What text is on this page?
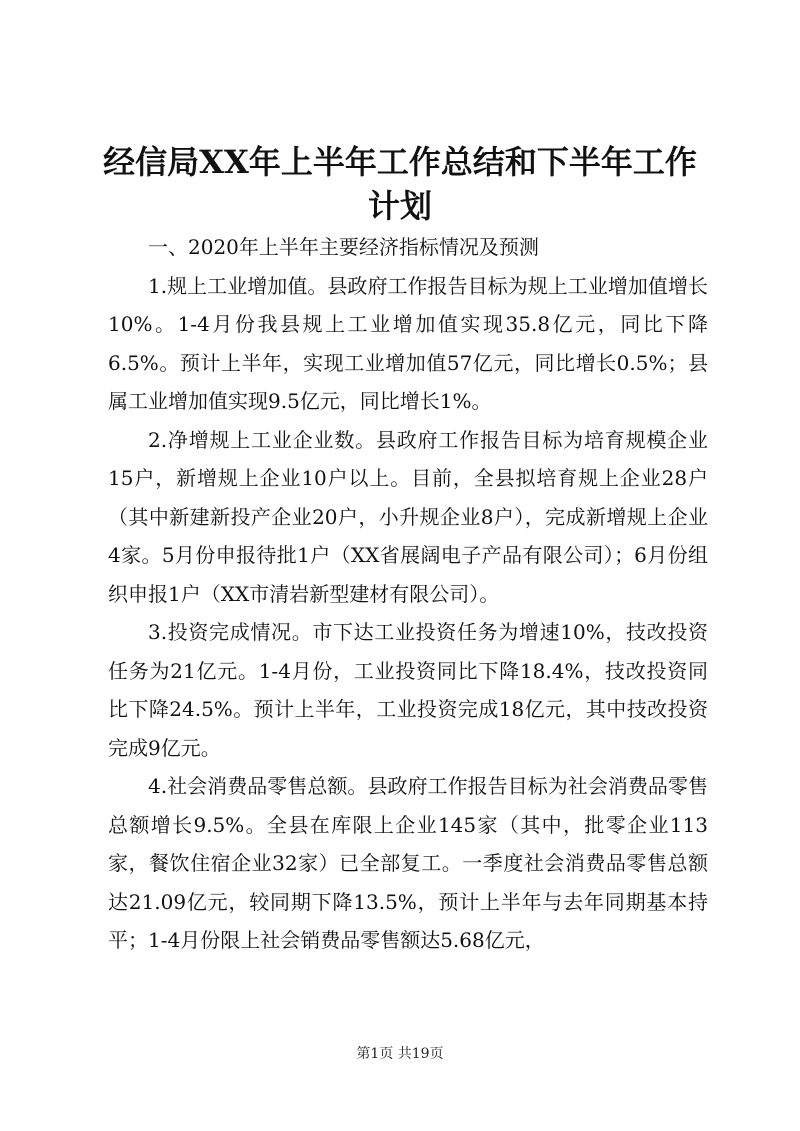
经信局XX年上半年工作总结和下半年工作计划

一、2020年上半年主要经济指标情况及预测

1.规上工业增加值。县政府工作报告目标为规上工业增加值增长10%。1-4月份我县规上工业增加值实现35.8亿元，同比下降6.5%。预计上半年，实现工业增加值57亿元，同比增长0.5%；县属工业增加值实现9.5亿元，同比增长1%。

2.净增规上工业企业数。县政府工作报告目标为培育规模企业15户，新增规上企业10户以上。目前，全县拟培育规上企业28户（其中新建新投产企业20户，小升规企业8户），完成新增规上企业4家。5月份申报待批1户（XX省展阔电子产品有限公司）；6月份组织申报1户（XX市清岩新型建材有限公司）。

3.投资完成情况。市下达工业投资任务为增速10%，技改投资任务为21亿元。1-4月份，工业投资同比下降18.4%，技改投资同比下降24.5%。预计上半年，工业投资完成18亿元，其中技改投资完成9亿元。

4.社会消费品零售总额。县政府工作报告目标为社会消费品零售总额增长9.5%。全县在库限上企业145家（其中，批零企业113家，餐饮住宿企业32家）已全部复工。一季度社会消费品零售总额达21.09亿元，较同期下降13.5%，预计上半年与去年同期基本持平；1-4月份限上社会销费品零售额达5.68亿元，

第1页 共19页
